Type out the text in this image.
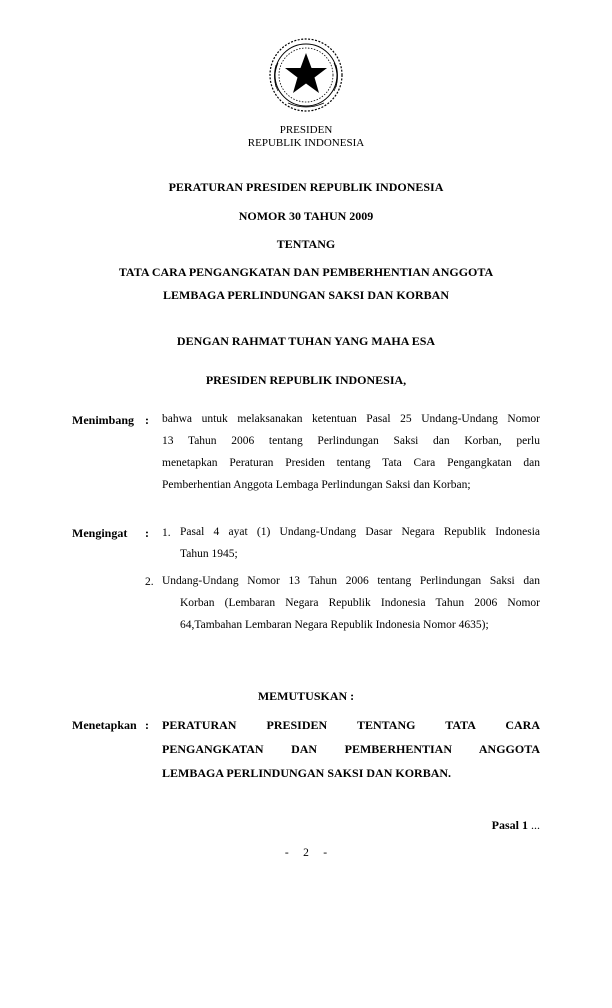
PRESIDEN
REPUBLIK INDONESIA
PERATURAN PRESIDEN REPUBLIK INDONESIA
NOMOR 30 TAHUN 2009
TENTANG
TATA CARA PENGANGKATAN DAN PEMBERHENTIAN ANGGOTA
LEMBAGA PERLINDUNGAN SAKSI DAN KORBAN
DENGAN RAHMAT TUHAN YANG MAHA ESA
PRESIDEN REPUBLIK INDONESIA,
Menimbang : bahwa untuk melaksanakan ketentuan Pasal 25 Undang-Undang Nomor
13 Tahun 2006 tentang Perlindungan Saksi dan Korban, perlu
menetapkan Peraturan Presiden tentang Tata Cara Pengangkatan dan
Pemberhentian Anggota Lembaga Perlindungan Saksi dan Korban;
Mengingat : 1. Pasal 4 ayat (1) Undang-Undang Dasar Negara Republik Indonesia
Tahun 1945;
2. Undang-Undang Nomor 13 Tahun 2006 tentang Perlindungan Saksi dan
Korban (Lembaran Negara Republik Indonesia Tahun 2006 Nomor
64,Tambahan Lembaran Negara Republik Indonesia Nomor 4635);
MEMUTUSKAN :
Menetapkan : PERATURAN PRESIDEN TENTANG TATA CARA
PENGANGKATAN DAN PEMBERHENTIAN ANGGOTA
LEMBAGA PERLINDUNGAN SAKSI DAN KORBAN.
Pasal 1 ...
-     2     -
